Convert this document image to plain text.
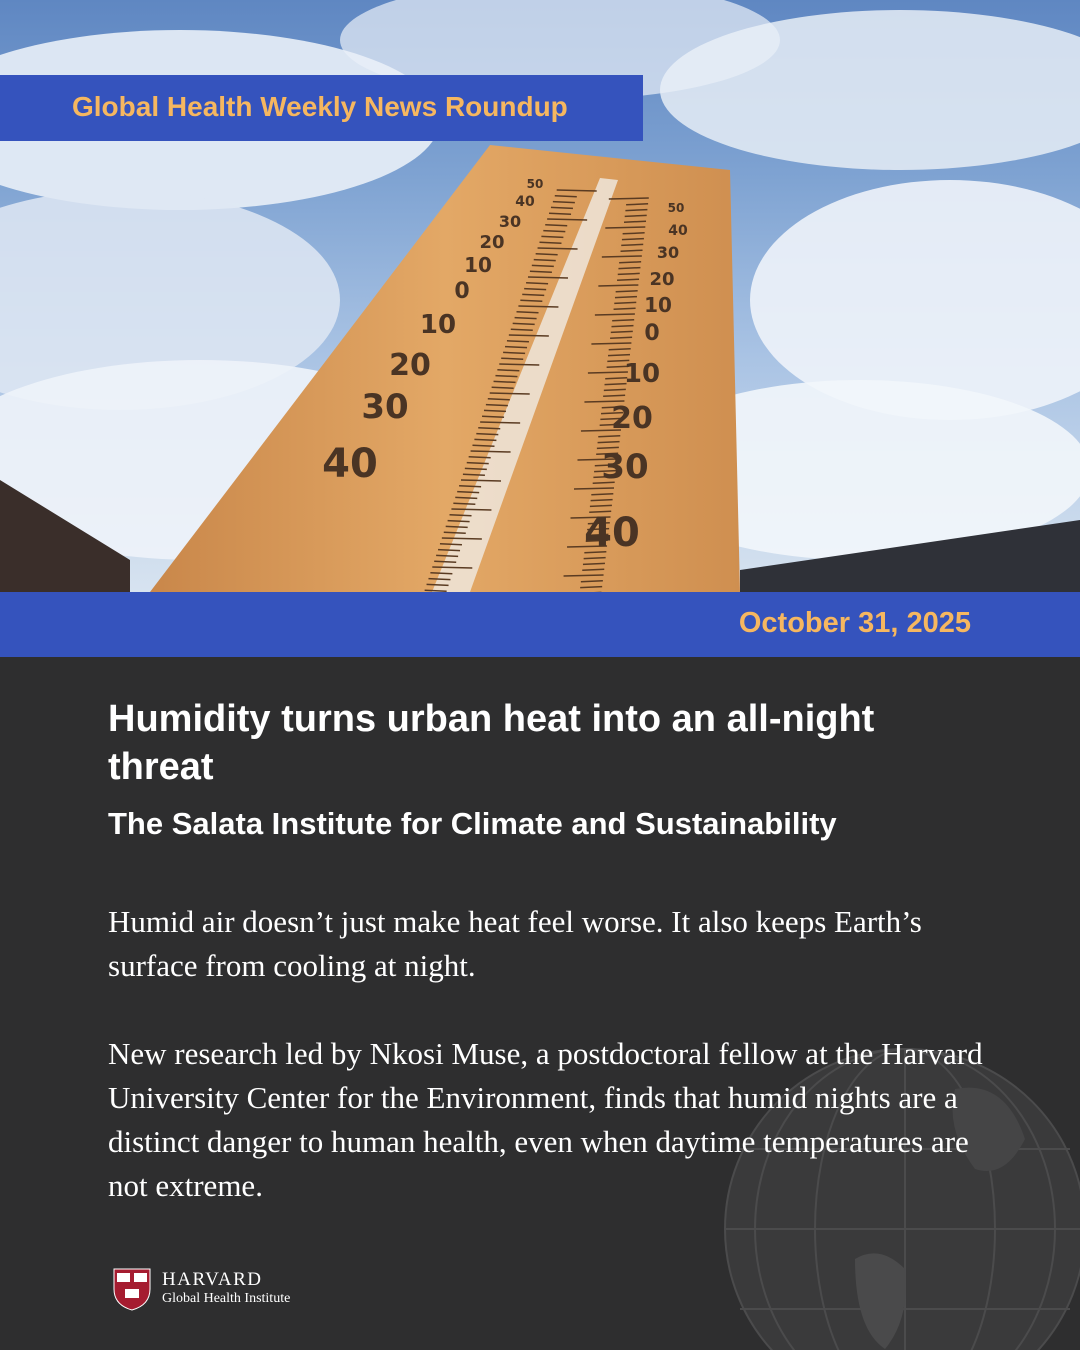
50
40
30
20
10
0
10
20
30
40
50
40
30
20
10
0
10
20
30
40
Global Health Weekly News Roundup
October 31, 2025
Humidity turns urban heat into an all-night threat
The Salata Institute for Climate and Sustainability

Humid air doesn’t just make heat feel worse. It also keeps Earth’s surface from cooling at night.

New research led by Nkosi Muse, a postdoctoral fellow at the Harvard University Center for the Environment, finds that humid nights are a distinct danger to human health, even when daytime temperatures are not extreme.

HARVARD
Global Health Institute
